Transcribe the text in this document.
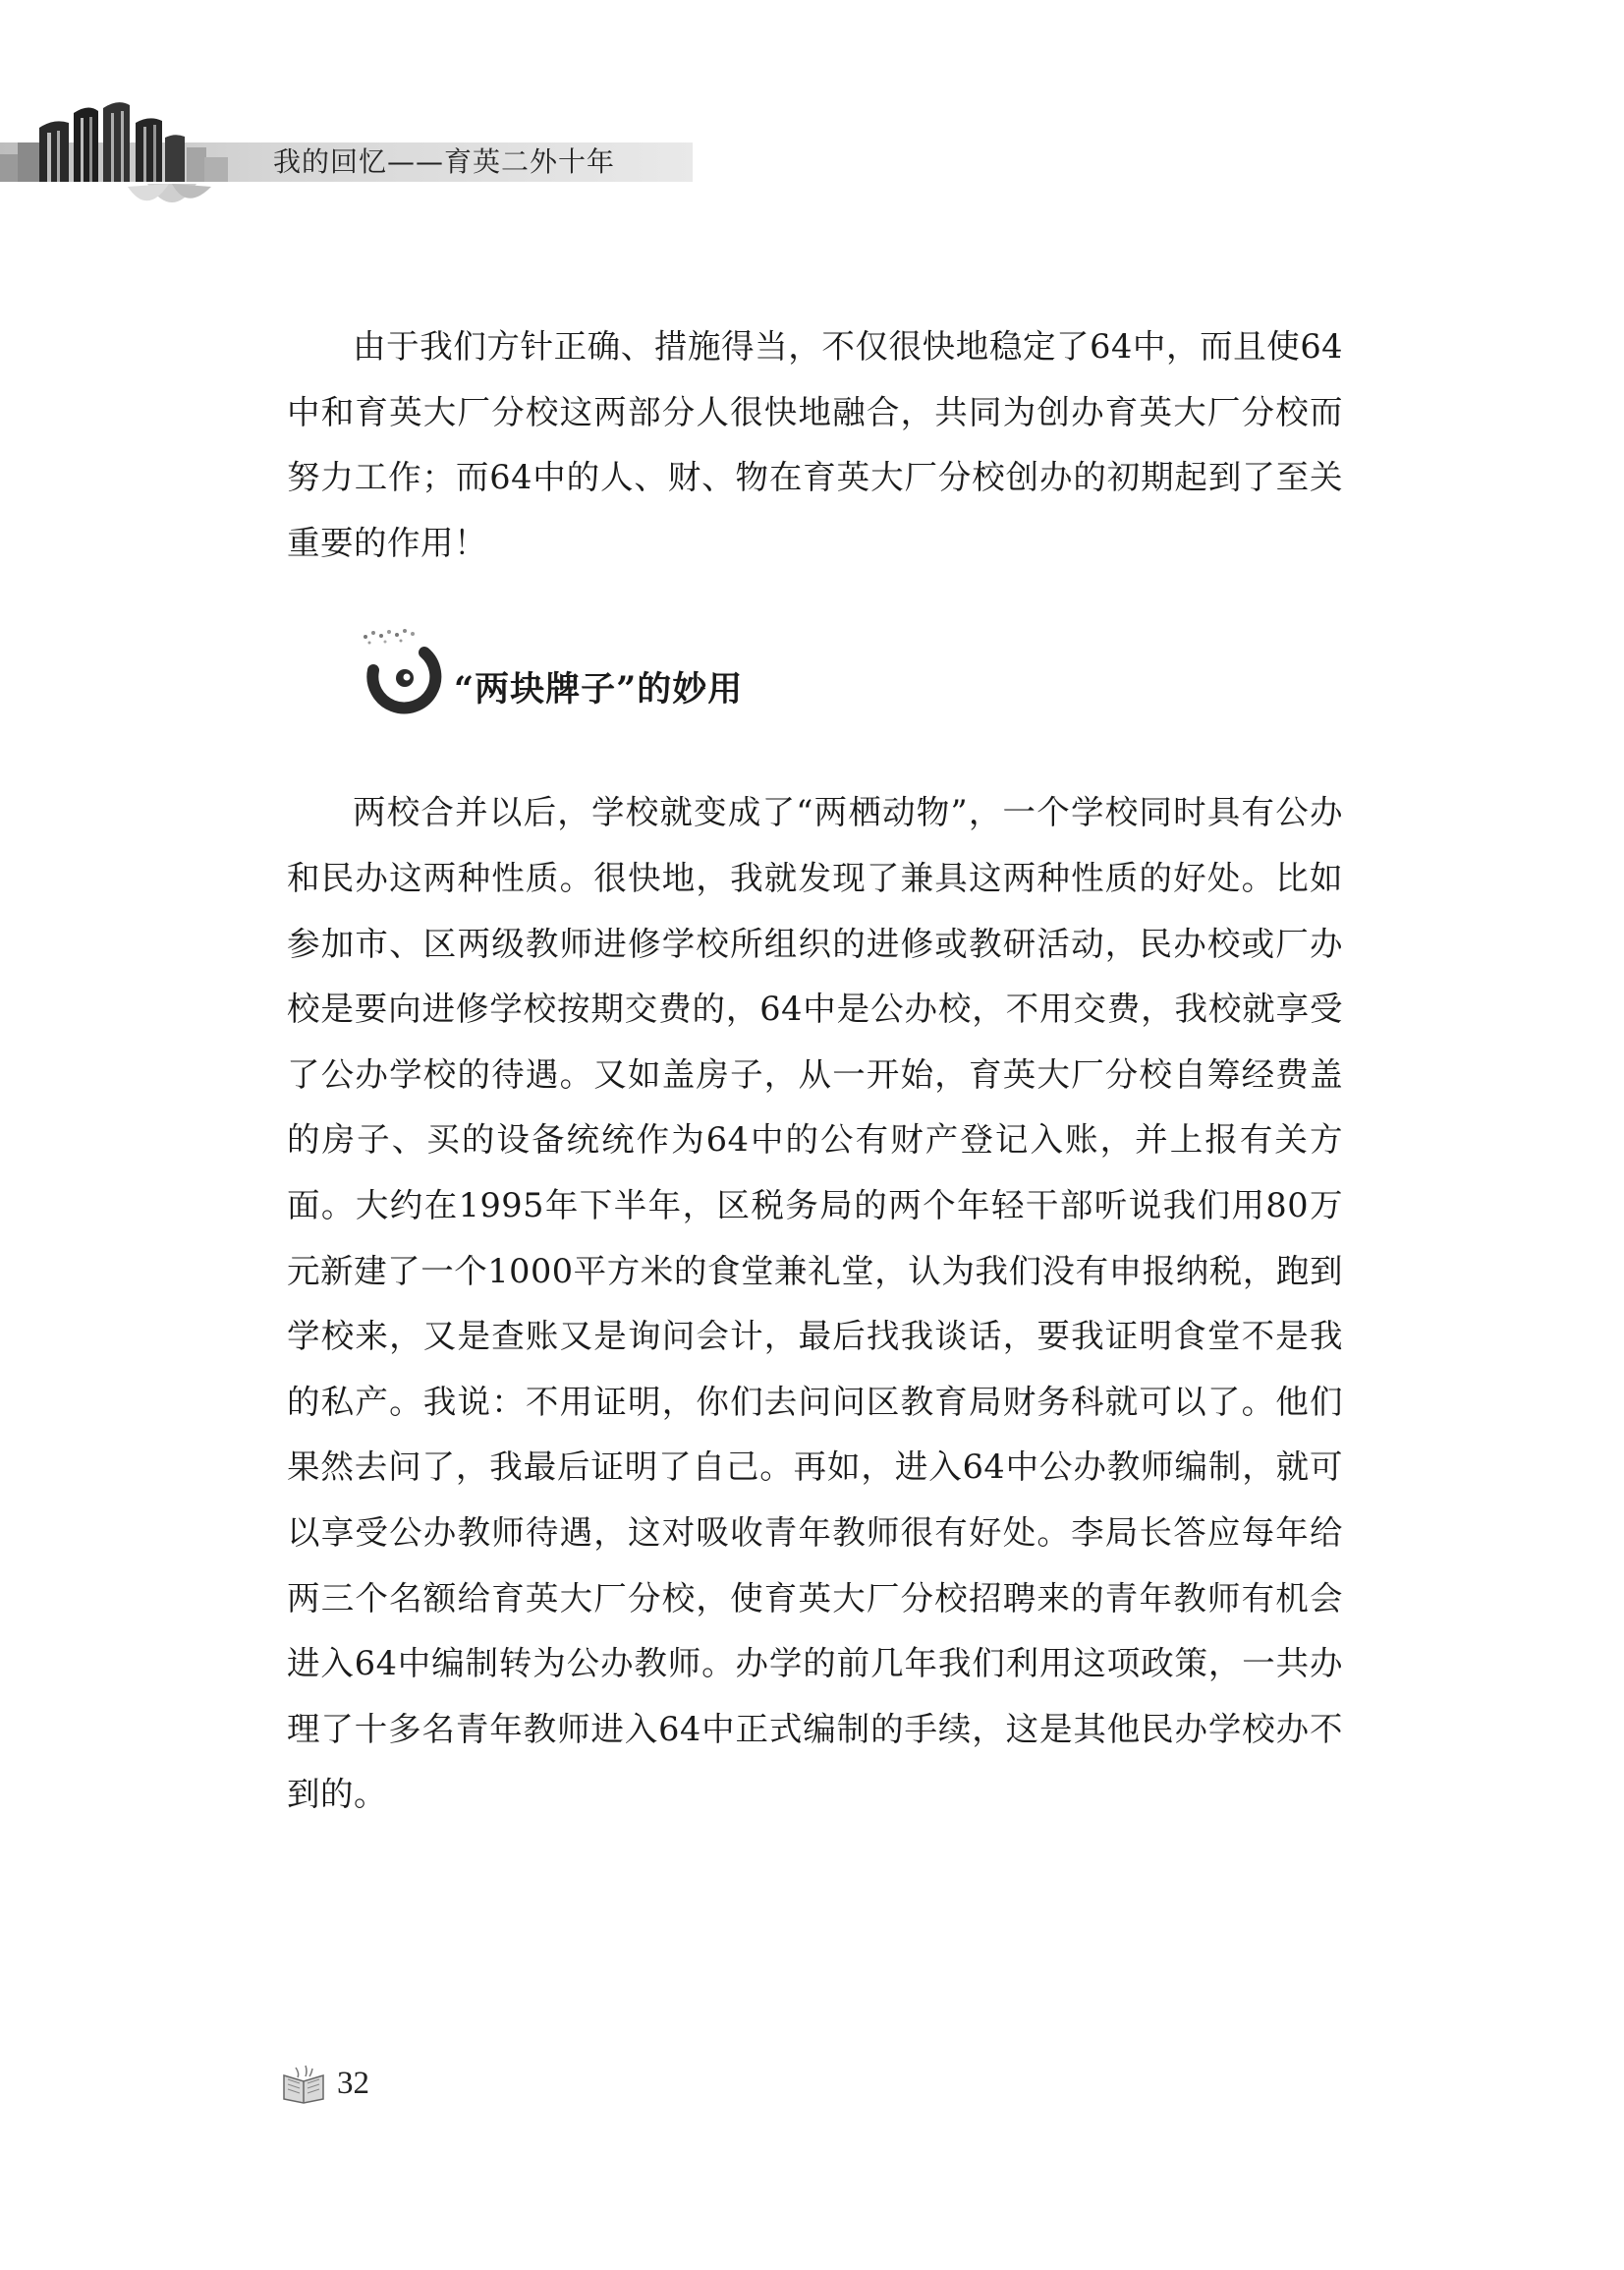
我的回忆——育英二外十年

由于我们方针正确、措施得当，不仅很快地稳定了64中，而且使64中和育英大厂分校这两部分人很快地融合，共同为创办育英大厂分校而努力工作；而64中的人、财、物在育英大厂分校创办的初期起到了至关重要的作用！

“两块牌子”的妙用

两校合并以后，学校就变成了“两栖动物”，一个学校同时具有公办和民办这两种性质。很快地，我就发现了兼具这两种性质的好处。比如参加市、区两级教师进修学校所组织的进修或教研活动，民办校或厂办校是要向进修学校按期交费的，64中是公办校，不用交费，我校就享受了公办学校的待遇。又如盖房子，从一开始，育英大厂分校自筹经费盖的房子、买的设备统统作为64中的公有财产登记入账，并上报有关方面。大约在1995年下半年，区税务局的两个年轻干部听说我们用80万元新建了一个1000平方米的食堂兼礼堂，认为我们没有申报纳税，跑到学校来，又是查账又是询问会计，最后找我谈话，要我证明食堂不是我的私产。我说：不用证明，你们去问问区教育局财务科就可以了。他们果然去问了，我最后证明了自己。再如，进入64中公办教师编制，就可以享受公办教师待遇，这对吸收青年教师很有好处。李局长答应每年给两三个名额给育英大厂分校，使育英大厂分校招聘来的青年教师有机会进入64中编制转为公办教师。办学的前几年我们利用这项政策，一共办理了十多名青年教师进入64中正式编制的手续，这是其他民办学校办不到的。

32
